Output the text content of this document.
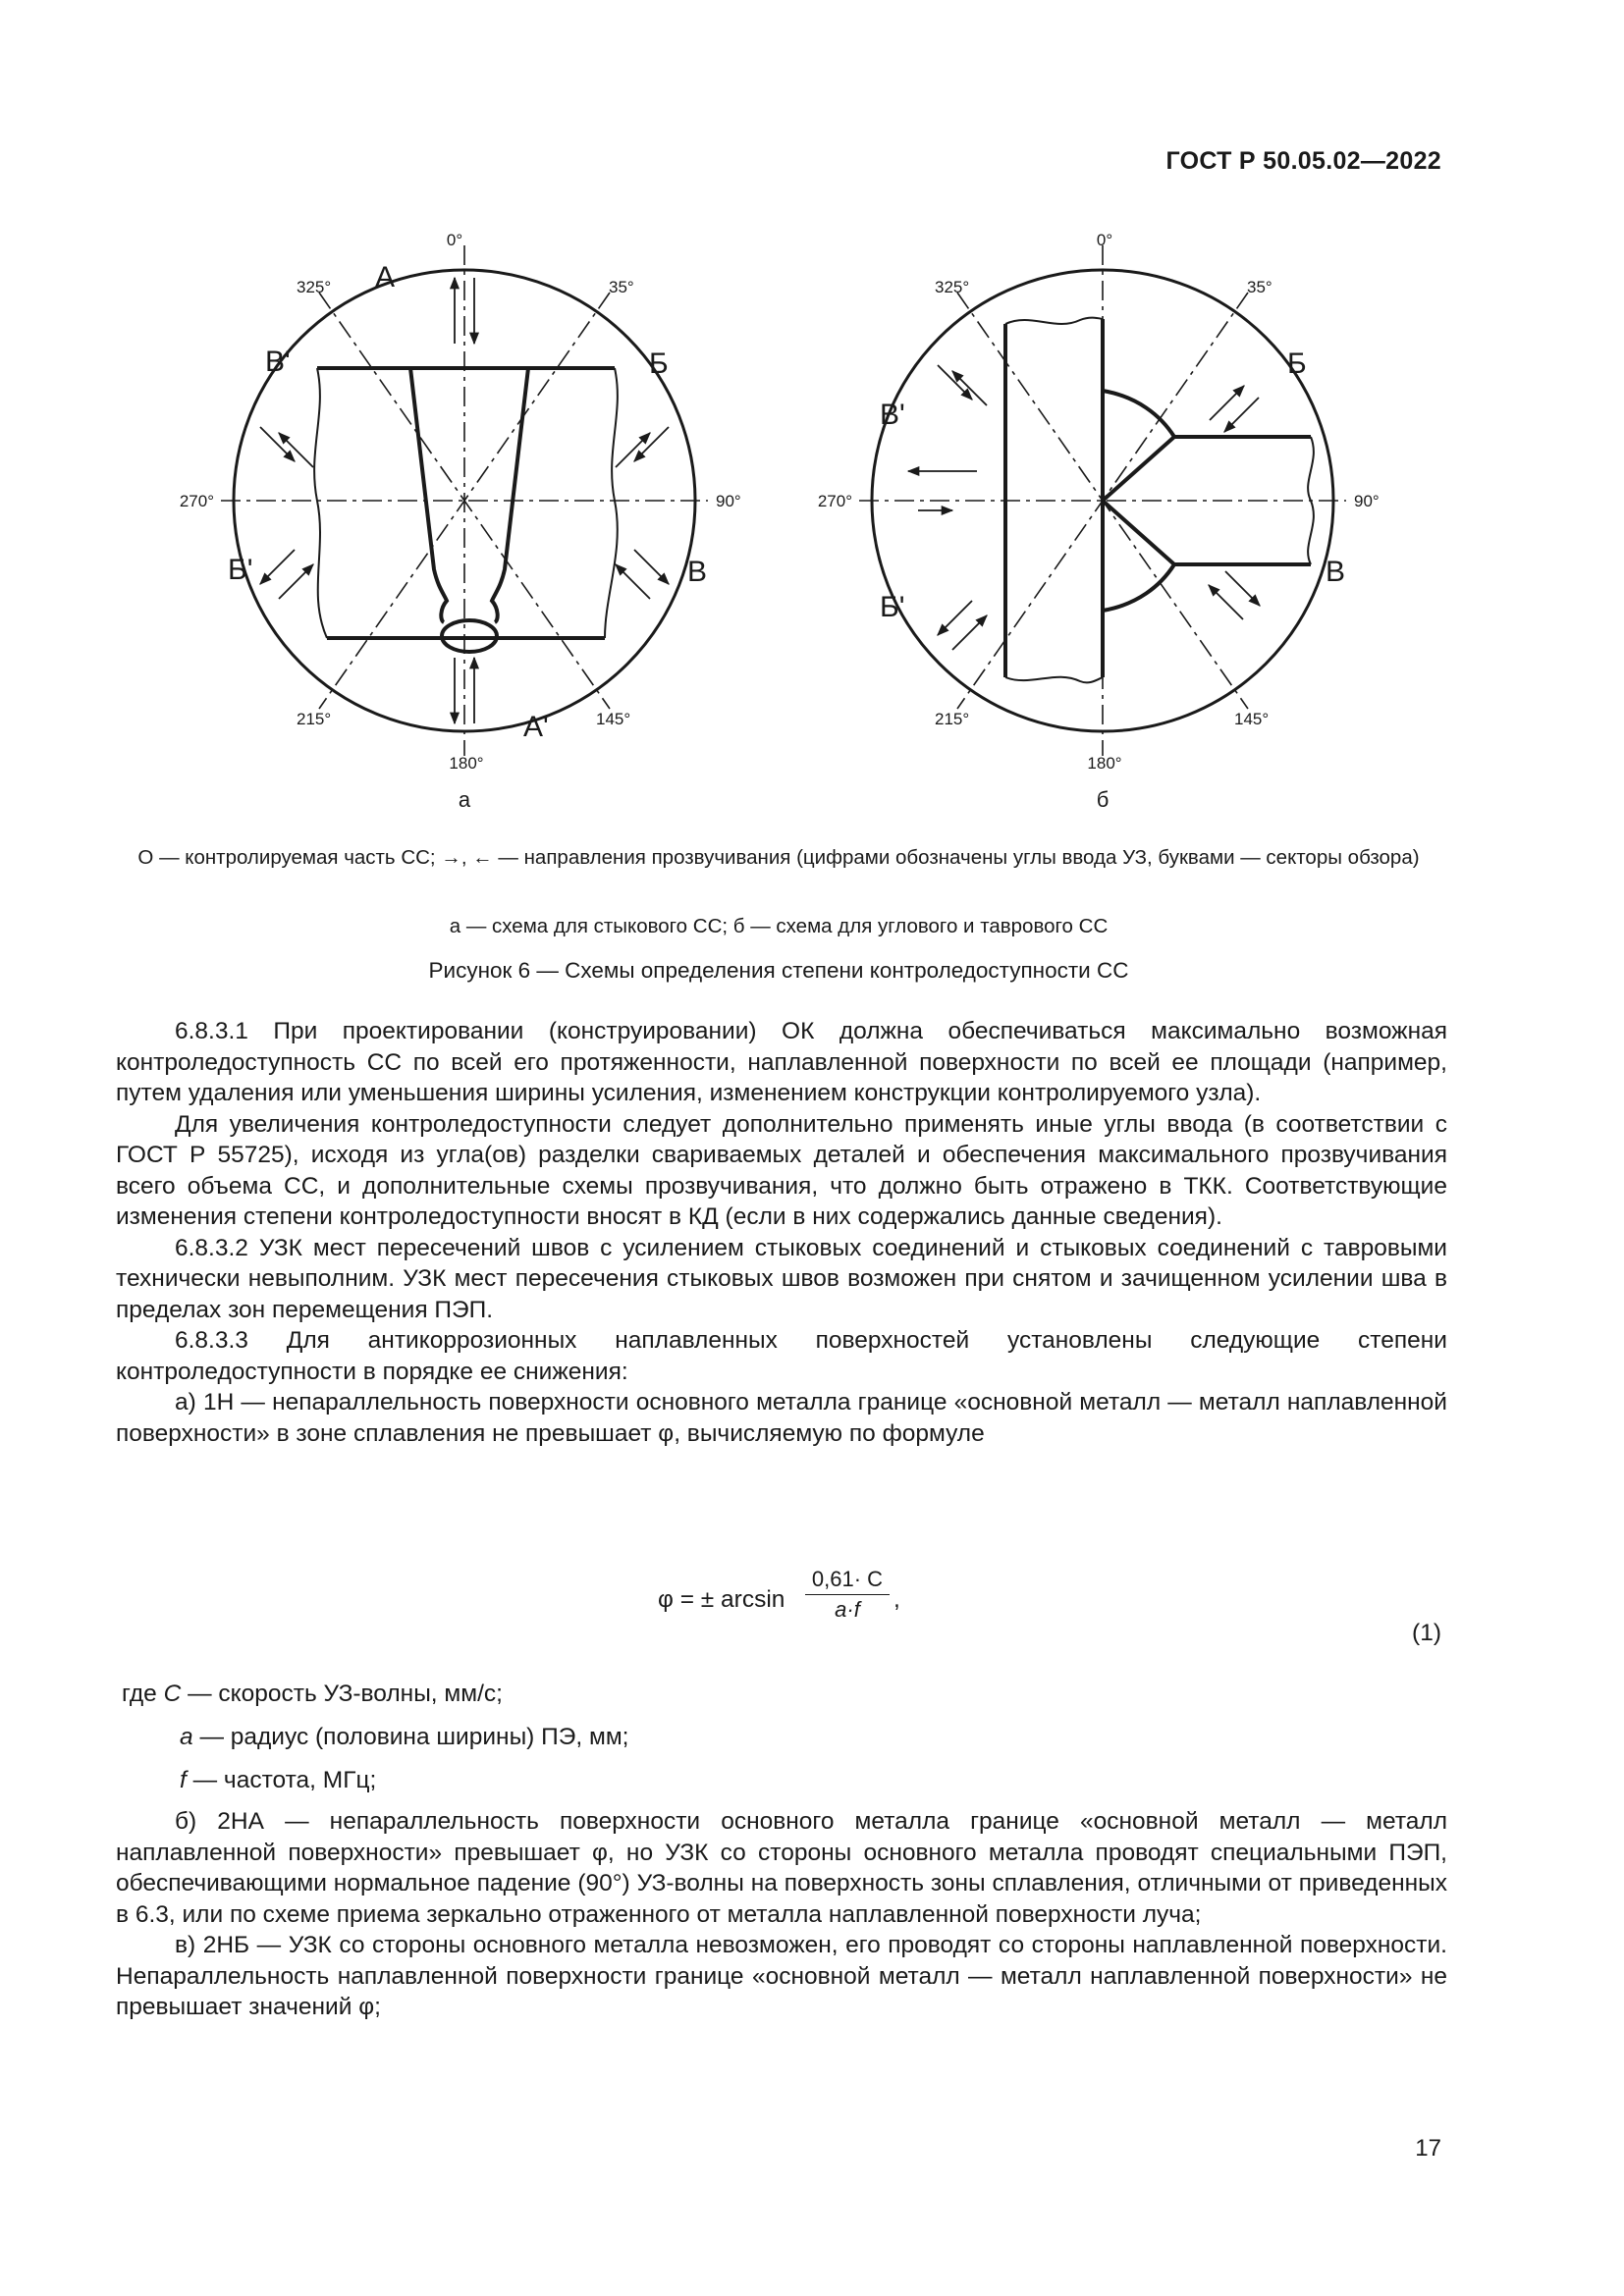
ГОСТ Р 50.05.02—2022
0°
35°
90°
145°
180°
215°
270°
325° А
А'
Б
Б'	В
В'
а
0°
35°
90°
145°
180°
215°
270°
325°
Б
Б'
В
В'
б
О — контролируемая часть СС; →, ← — направления прозвучивания (цифрами обозначены углы ввода УЗ, буквами — секторы обзора)
а — схема для стыкового СС; б — схема для углового и таврового СС
Рисунок 6 — Схемы определения степени контроледоступности СС

6.8.3.1 При проектировании (конструировании) ОК должна обеспечиваться максимально возможная контроледоступность СС по всей его протяженности, наплавленной поверхности по всей ее площади (например, путем удаления или уменьшения ширины усиления, изменением конструкции контролируемого узла).

Для увеличения контроледоступности следует дополнительно применять иные углы ввода (в соответствии с ГОСТ Р 55725), исходя из угла(ов) разделки свариваемых деталей и обеспечения максимального прозвучивания всего объема СС, и дополнительные схемы прозвучивания, что должно быть отражено в ТКК. Соответствующие изменения степени контроледоступности вносят в КД (если в них содержались данные сведения).

6.8.3.2 УЗК мест пересечений швов с усилением стыковых соединений и стыковых соединений с тавровыми технически невыполним. УЗК мест пересечения стыковых швов возможен при снятом и зачищенном усилении шва в пределах зон перемещения ПЭП.

6.8.3.3 Для антикоррозионных наплавленных поверхностей установлены следующие степени контроледоступности в порядке ее снижения:

а) 1Н — непараллельность поверхности основного металла границе «основной металл — металл наплавленной поверхности» в зоне сплавления не превышает φ, вычисляемую по формуле

φ = ± $\arcsin \frac{0,61\cdot C}{a\cdot f}$ ,
(1)
где C — скорость УЗ-волны, мм/с;
a — радиус (половина ширины) ПЭ, мм;
f — частота, МГц;

б) 2НА — непараллельность поверхности основного металла границе «основной металл — металл наплавленной поверхности» превышает φ, но УЗК со стороны основного металла проводят специальными ПЭП, обеспечивающими нормальное падение (90°) УЗ-волны на поверхность зоны сплавления, отличными от приведенных в 6.3, или по схеме приема зеркально отраженного от металла наплавленной поверхности луча;

в) 2НБ — УЗК со стороны основного металла невозможен, его проводят со стороны наплавленной поверхности. Непараллельность наплавленной поверхности границе «основной металл — металл наплавленной поверхности» не превышает значений φ;

17
